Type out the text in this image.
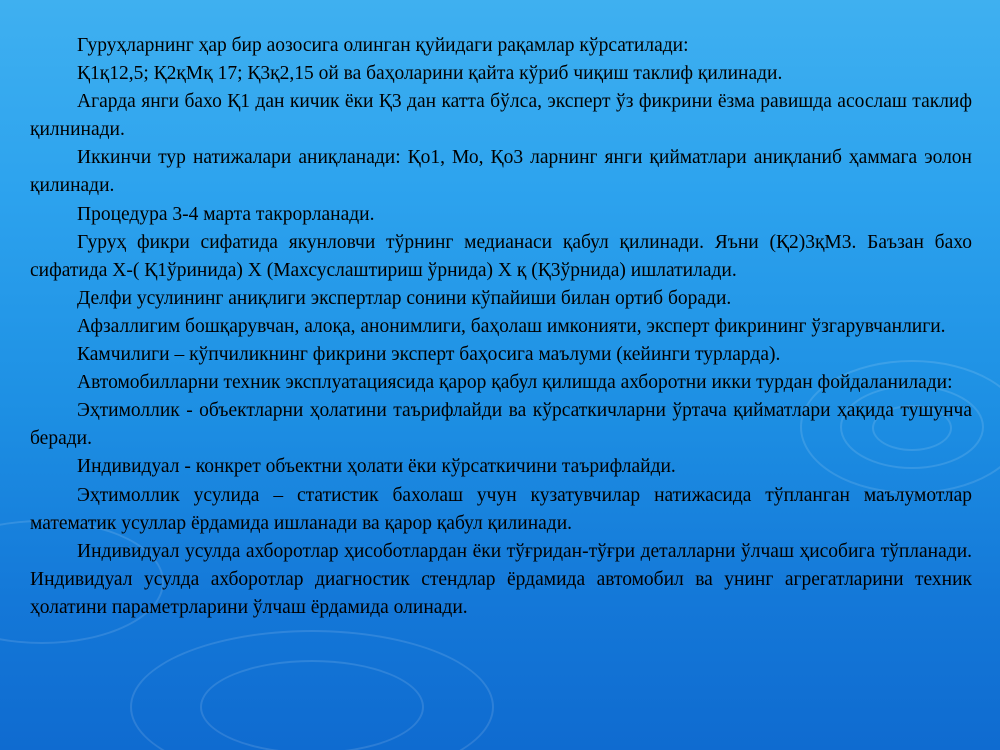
Гуруҳларнинг ҳар бир аозосига олинган қуйидаги рақамлар кўрсатилади:

Қ1қ12,5; Қ2қМқ 17; Қ3қ2,15 ой ва баҳоларини қайта кўриб чиқиш таклиф қилинади.

Агарда янги бахо Қ1 дан кичик ёки Қ3 дан катта бўлса, эксперт ўз фикрини ёзма равишда асослаш таклиф қилнинади.

Иккинчи тур натижалари аниқланади: Қо1, Мо, Қо3 ларнинг янги қийматлари аниқланиб ҳаммага эолон қилинади.

Процедура 3-4 марта такрорланади.

Гуруҳ фикри сифатида якунловчи тўрнинг медианаси қабул қилинади. Яъни (Қ2)3қМ3. Баъзан бахо сифатида Х-( Қ1ўринида) Х (Махсуслаштириш ўрнида) Х қ (Қ3ўрнида) ишлатилади.

Делфи усулининг аниқлиги экспертлар сонини кўпайиши билан ортиб боради.

Афзаллигим бошқарувчан, алоқа, анонимлиги, баҳолаш имконияти, эксперт фикрининг ўзгарувчанлиги.

Камчилиги – кўпчиликнинг фикрини эксперт баҳосига маълуми (кейинги турларда).

Автомобилларни техник эксплуатациясида қарор қабул қилишда ахборотни икки турдан фойдаланилади:

Эҳтимоллик - объектларни ҳолатини таърифлайди ва кўрсаткичларни ўртача қийматлари ҳақида тушунча беради.

Индивидуал - конкрет объектни ҳолати ёки кўрсаткичини таърифлайди.

Эҳтимоллик усулида – статистик бахолаш учун кузатувчилар натижасида тўпланган маълумотлар математик усуллар ёрдамида ишланади ва қарор қабул қилинади.

Индивидуал усулда ахборотлар ҳисоботлардан ёки тўғридан-тўғри деталларни ўлчаш ҳисобига тўпланади. Индивидуал усулда ахборотлар диагностик стендлар ёрдамида автомобил ва унинг агрегатларини техник ҳолатини параметрларини ўлчаш ёрдамида олинади.
